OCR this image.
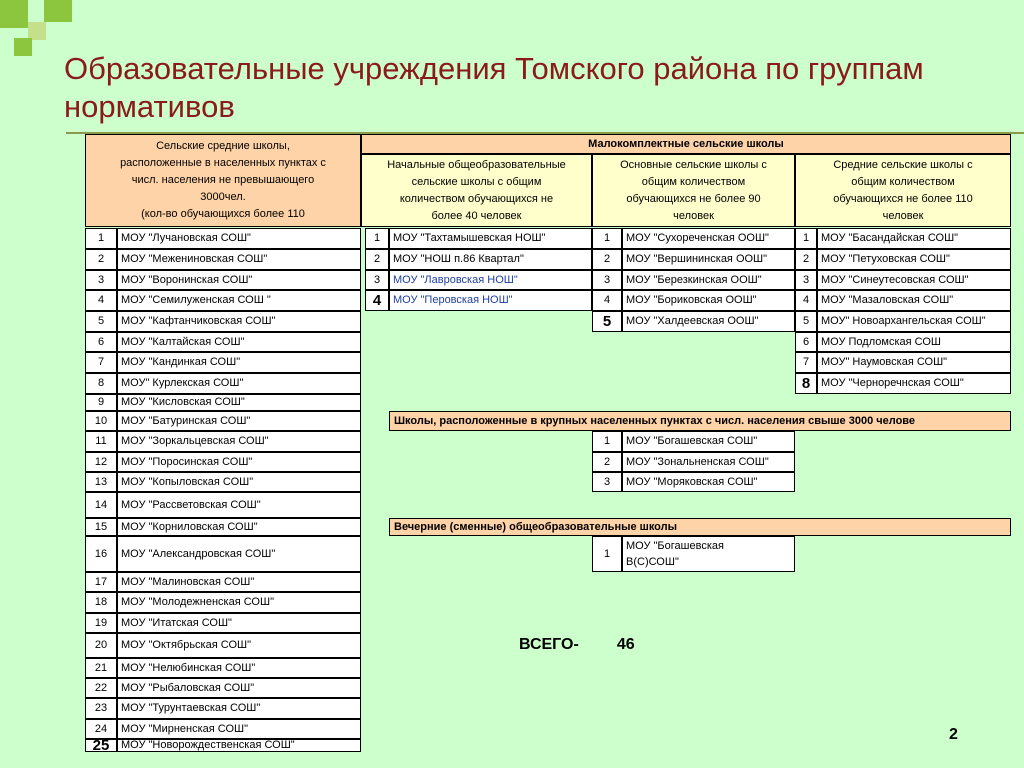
Образовательные учреждения Томского района по группам нормативов
Сельские средние школы,
расположенные в населенных пунктах с
числ. населения не превышающего
3000чел.
(кол-во обучающихся более 110
Малокомплектные сельские школы
Начальные общеобразовательные
сельские школы с общим
количеством обучающихся не
более 40 человек
Основные сельские школы с
общим количеством
обучающихся не более 90
человек
Средние сельские школы с
общим количеством
обучающихся не более 110
человек
Школы, расположенные в крупных населенных пунктах с числ. населения свыше 3000 челове
Вечерние (сменные) общеобразовательные школы
1	МОУ "Лучановская СОШ"
2	МОУ "Межениновская СОШ"
3	МОУ "Воронинская СОШ"
4	МОУ "Семилуженская СОШ "
5	МОУ "Кафтанчиковская СОШ"
6	МОУ "Калтайская СОШ"
7	МОУ "Кандинкая СОШ"
8	МОУ" Курлекская СОШ"
9	МОУ "Кисловская СОШ"
10	МОУ "Батуринская СОШ"
11	МОУ "Зоркальцевская СОШ"
12	МОУ "Поросинская СОШ"
13	МОУ "Копыловская СОШ"
14	МОУ "Рассветовская СОШ"
15	МОУ "Корниловская СОШ"
16	МОУ "Александровская СОШ"
17	МОУ "Малиновская СОШ"
18	МОУ "Молодежненская СОШ"
19	МОУ "Итатская СОШ"
20	МОУ "Октябрьская СОШ"
21	МОУ "Нелюбинская СОШ"
22	МОУ "Рыбаловская СОШ"
23	МОУ "Турунтаевская СОШ"
24	МОУ "Мирненская СОШ"
25	МОУ "Новорождественская СОШ"
1	МОУ "Тахтамышевская НОШ"
2	МОУ "НОШ п.86 Квартал"
3	МОУ "Лавровская НОШ"
4	МОУ "Перовская НОШ"
1	МОУ "Сухореченская ООШ"
2	МОУ "Вершининская ООШ"
3	МОУ "Березкинская ООШ"
4	МОУ "Бориковская ООШ"
5	МОУ "Халдеевская ООШ"
1	МОУ "Басандайская СОШ"
2	МОУ "Петуховская СОШ"
3	МОУ "Синеутесовская СОШ"
4	МОУ "Мазаловская СОШ"
5	МОУ" Новоархангельская СОШ"
6	МОУ Подломская СОШ
7	МОУ" Наумовская СОШ"
8 МОУ "Черноречнская СОШ"
1	МОУ "Богашевская СОШ"
2	МОУ "Зональненская СОШ"
3	МОУ "Моряковская СОШ"
1
МОУ "Богашевская
В(С)СОШ"
ВСЕГО- 46
2
